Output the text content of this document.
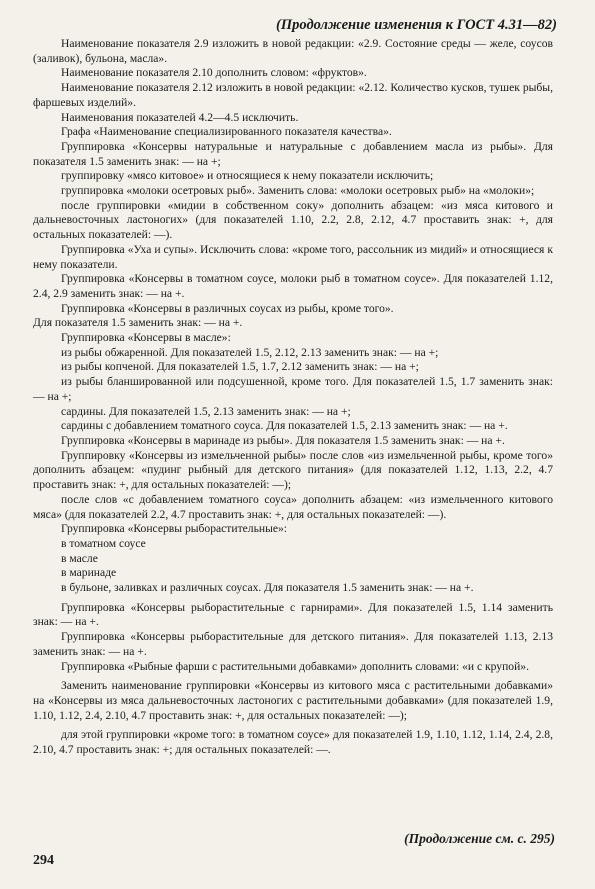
(Продолжение изменения к ГОСТ 4.31—82)

Наименование показателя 2.9 изложить в новой редакции: «2.9. Состояние среды — желе, соусов (заливок), бульона, масла».

Наименование показателя 2.10 дополнить словом: «фруктов».

Наименование показателя 2.12 изложить в новой редакции: «2.12. Количество кусков, тушек рыбы, фаршевых изделий».

Наименования показателей 4.2—4.5 исключить.

Графа «Наименование специализированного показателя качества».

Группировка «Консервы натуральные и натуральные с добавлением масла из рыбы». Для показателя 1.5 заменить знак: — на +;

группировку «мясо китовое» и относящиеся к нему показатели исключить;

группировка «молоки осетровых рыб». Заменить слова: «молоки осетровых рыб» на «молоки»;

после группировки «мидии в собственном соку» дополнить абзацем: «из мяса китового и дальневосточных ластоногих» (для показателей 1.10, 2.2, 2.8, 2.12, 4.7 проставить знак: +, для остальных показателей: —).

Группировка «Уха и супы». Исключить слова: «кроме того, рассольник из мидий» и относящиеся к нему показатели.

Группировка «Консервы в томатном соусе, молоки рыб в томатном соусе». Для показателей 1.12, 2.4, 2.9 заменить знак: — на +.

Группировка «Консервы в различных соусах из рыбы, кроме того».

Для показателя 1.5 заменить знак: — на +.

Группировка «Консервы в масле»:

из рыбы обжаренной. Для показателей 1.5, 2.12, 2.13 заменить знак: — на +;

из рыбы копченой. Для показателей 1.5, 1.7, 2.12 заменить знак: — на +;

из рыбы бланшированной или подсушенной, кроме того. Для показателей 1.5, 1.7 заменить знак: — на +;

сардины. Для показателей 1.5, 2.13 заменить знак: — на +;

сардины с добавлением томатного соуса. Для показателей 1.5, 2.13 заменить знак: — на +.

Группировка «Консервы в маринаде из рыбы». Для показателя 1.5 заменить знак: — на +.

Группировку «Консервы из измельченной рыбы» после слов «из измельченной рыбы, кроме того» дополнить абзацем: «пудинг рыбный для детского питания» (для показателей 1.12, 1.13, 2.2, 4.7 проставить знак: +, для остальных показателей: —);

после слов «с добавлением томатного соуса» дополнить абзацем: «из измельченного китового мяса» (для показателей 2.2, 4.7 проставить знак: +, для остальных показателей: —).

Группировка «Консервы рыборастительные»:

в томатном соусе

в масле

в маринаде

в бульоне, заливках и различных соусах. Для показателя 1.5 заменить знак: — на +.

Группировка «Консервы рыборастительные с гарнирами». Для показателей 1.5, 1.14 заменить знак: — на +.

Группировка «Консервы рыборастительные для детского питания». Для показателей 1.13, 2.13 заменить знак: — на +.

Группировка «Рыбные фарши с растительными добавками» дополнить словами: «и с крупой».

Заменить наименование группировки «Консервы из китового мяса с растительными добавками» на «Консервы из мяса дальневосточных ластоногих с растительными добавками» (для показателей 1.9, 1.10, 1.12, 2.4, 2.10, 4.7 проставить знак: +, для остальных показателей: —);

для этой группировки «кроме того: в томатном соусе» для показателей 1.9, 1.10, 1.12, 1.14, 2.4, 2.8, 2.10, 4.7 проставить знак: +; для остальных показателей: —.

(Продолжение см. с. 295)
294
